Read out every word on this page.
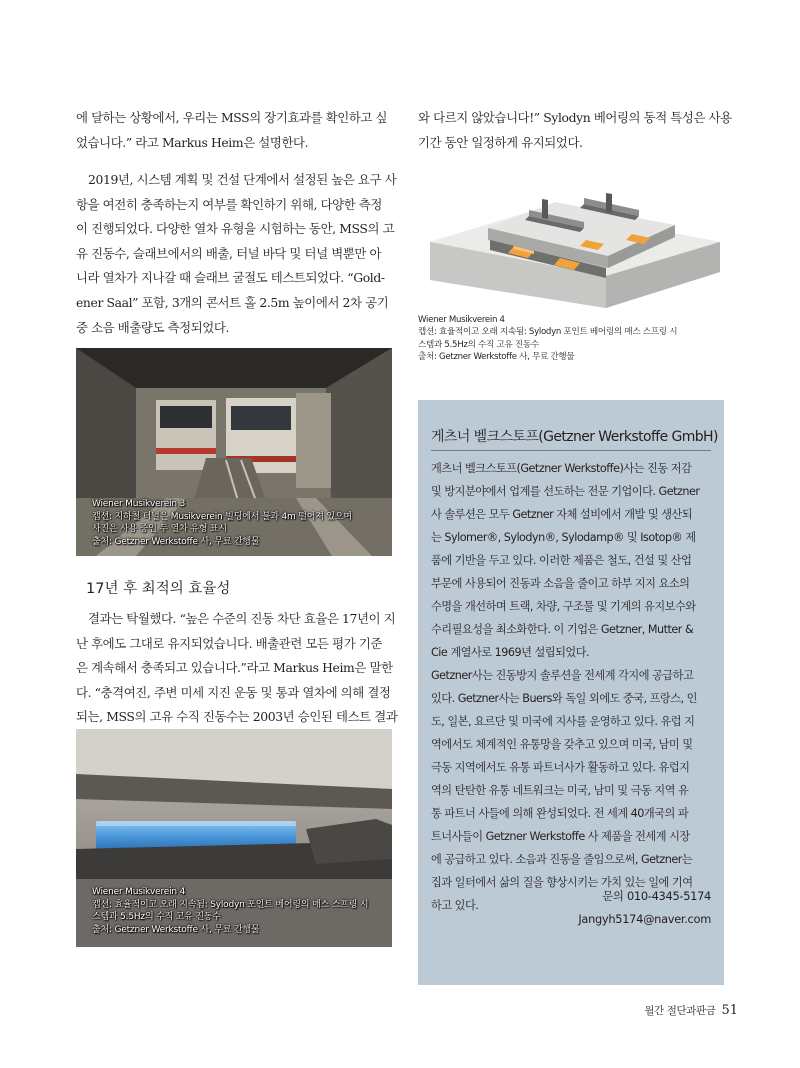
에 달하는 상황에서, 우리는 MSS의 장기효과를 확인하고 싶
었습니다.” 라고 Markus Heim은 설명한다.

2019년, 시스템 계획 및 건설 단계에서 설정된 높은 요구 사
항을 여전히 충족하는지 여부를 확인하기 위해, 다양한 측정
이 진행되었다. 다양한 열차 유형을 시험하는 동안, MSS의 고
유 진동수, 슬래브에서의 배출, 터널 바닥 및 터널 벽뿐만 아
니라 열차가 지나갈 때 슬래브 굴절도 테스트되었다. “Gold-
ener Saal” 포함, 3개의 콘서트 홀 2.5m 높이에서 2차 공기
중 소음 배출량도 측정되었다.

Wiener Musikverein 3
캡션: 지하철 터널은 Musikverein 빌딩에서 불과 4m 떨어져 있으며
사진은 사용 중인 두 열차 유형 표시
출처: Getzner Werkstoffe 사, 무료 간행물
17년 후 최적의 효율성

결과는 탁월했다. “높은 수준의 진동 차단 효율은 17년이 지
난 후에도 그대로 유지되었습니다. 배출관련 모든 평가 기준
은 계속해서 충족되고 있습니다.”라고 Markus Heim은 말한
다. “충격여진, 주변 미세 지진 운동 및 통과 열차에 의해 결정
되는, MSS의 고유 수직 진동수는 2003년 승인된 테스트 결과

Wiener Musikverein 4
캡션: 효율적이고 오래 지속됨: Sylodyn 포인트 베어링의 매스 스프링 시
스템과 5.5Hz의 수직 고유 진동수
출처: Getzner Werkstoffe 사, 무료 간행물

와 다르지 않았습니다!” Sylodyn 베어링의 동적 특성은 사용
기간 동안 일정하게 유지되었다.

Wiener Musikverein 4
캡션: 효율적이고 오래 지속됨: Sylodyn 포인트 베어링의 매스 스프링 시
스템과 5.5Hz의 수직 고유 진동수
출처: Getzner Werkstoffe 사, 무료 간행물
게츠너 벨크스토프(Getzner Werkstoffe GmbH)

게츠너 벨크스토프(Getzner Werkstoffe)사는 진동 저감
및 방지분야에서 업계를 선도하는 전문 기업이다. Getzner
사 솔루션은 모두 Getzner 자체 설비에서 개발 및 생산되
는 Sylomer®, Sylodyn®, Sylodamp® 및 Isotop® 제
품에 기반을 두고 있다. 이러한 제품은 철도, 건설 및 산업
부문에 사용되어 진동과 소음을 줄이고 하부 지지 요소의
수명을 개선하며 트랙, 차량, 구조물 및 기계의 유지보수와
수리필요성을 최소화한다. 이 기업은 Getzner, Mutter &
Cie 계열사로 1969년 설립되었다.
Getzner사는 진동방지 솔루션을 전세계 각지에 공급하고
있다. Getzner사는 Buers와 독일 외에도 중국, 프랑스, 인
도, 일본, 요르단 및 미국에 지사를 운영하고 있다. 유럽 지
역에서도 체계적인 유통망을 갖추고 있으며 미국, 남미 및
극동 지역에서도 유통 파트너사가 활동하고 있다. 유럽지
역의 탄탄한 유통 네트워크는 미국, 남미 및 극동 지역 유
통 파트너 사들에 의해 완성되었다. 전 세계 40개국의 파
트너사들이 Getzner Werkstoffe 사 제품을 전세계 시장
에 공급하고 있다. 소음과 진동을 줄임으로써, Getzner는
집과 일터에서 삶의 질을 향상시키는 가치 있는 일에 기여
하고 있다.

문의 010-4345-5174
Jangyh5174@naver.com

월간 절단과판금 51
